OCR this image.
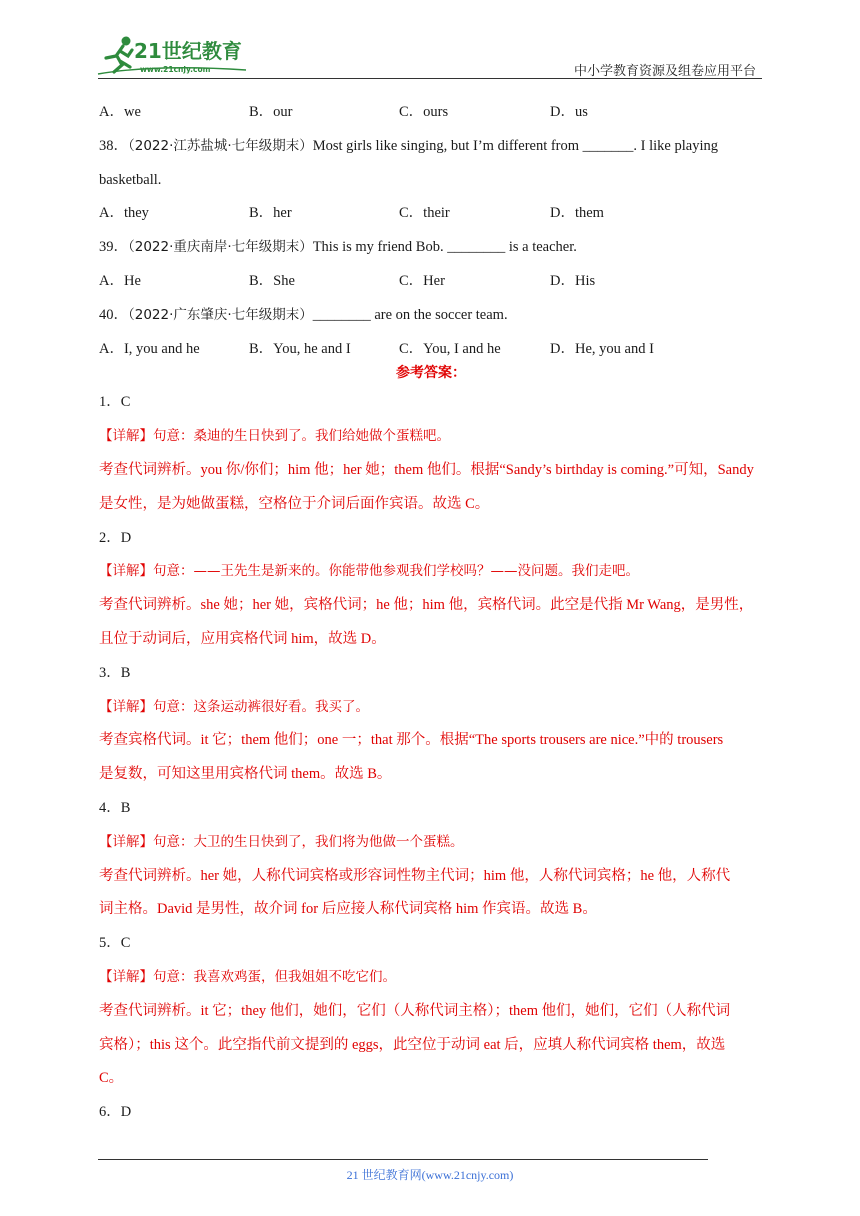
21世纪教育
www.21cnjy.com	中小学教育资源及组卷应用平台
A．we	B．our	C．ours	D．us
38．（2022·江苏盐城·七年级期末）Most girls like singing, but I’m different from _______. I like playing
basketball.
A．they	B．her	C．their	D．them
39．（2022·重庆南岸·七年级期末）This is my friend Bob. ________ is a teacher.
A．He	B．She	C．Her	D．His
40．（2022·广东肇庆·七年级期末）________ are on the soccer team.
A．I, you and he	B．You, he and I	C．You, I and he	D．He, you and I
参考答案：
1．C
【详解】句意：桑迪的生日快到了。我们给她做个蛋糕吧。
考查代词辨析。you 你/你们；him 他；her 她；them 他们。根据“Sandy’s birthday is coming.”可知，Sandy
是女性，是为她做蛋糕，空格位于介词后面作宾语。故选 C。
2．D
【详解】句意：——王先生是新来的。你能带他参观我们学校吗？——没问题。我们走吧。
考查代词辨析。she 她；her 她，宾格代词；he 他；him 他，宾格代词。此空是代指 Mr Wang，是男性，
且位于动词后，应用宾格代词 him，故选 D。
3．B
【详解】句意：这条运动裤很好看。我买了。
考查宾格代词。it 它；them 他们；one 一；that 那个。根据“The sports trousers are nice.”中的 trousers
是复数，可知这里用宾格代词 them。故选 B。
4．B
【详解】句意：大卫的生日快到了，我们将为他做一个蛋糕。
考查代词辨析。her 她，人称代词宾格或形容词性物主代词；him 他，人称代词宾格；he 他，人称代
词主格。David 是男性，故介词 for 后应接人称代词宾格 him 作宾语。故选 B。
5．C
【详解】句意：我喜欢鸡蛋，但我姐姐不吃它们。
考查代词辨析。it 它；they 他们，她们，它们（人称代词主格）；them 他们，她们，它们（人称代词
宾格）；this 这个。此空指代前文提到的 eggs，此空位于动词 eat 后，应填人称代词宾格 them，故选
C。
6．D
21 世纪教育网(www.21cnjy.com)
